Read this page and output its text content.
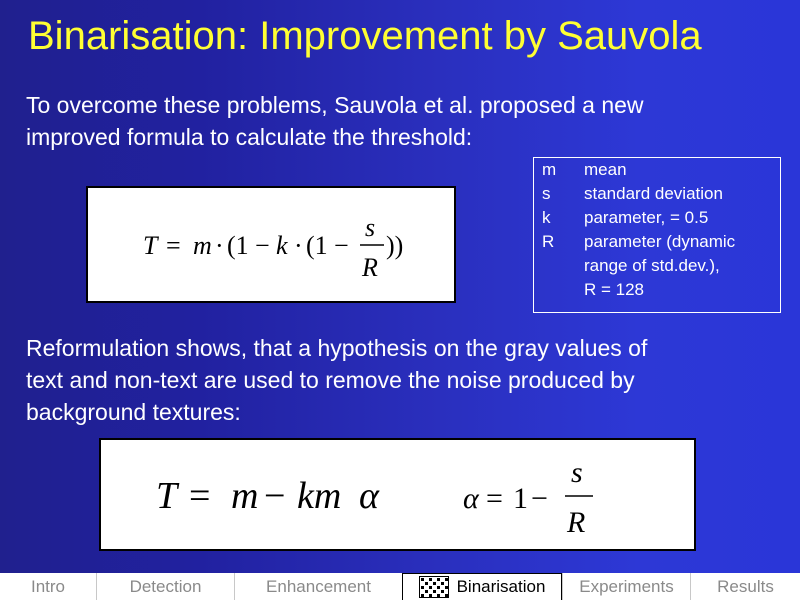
Binarisation: Improvement by Sauvola
To overcome these problems, Sauvola et al. proposed a new
improved formula to calculate the threshold:
T = m · (1 − k · (1 −
s
R
))
m	mean
s	standard deviation
k	parameter, = 0.5
R	parameter (dynamic
range of std.dev.),
R = 128
Reformulation shows, that a hypothesis on the gray values of
text and non-text are used to remove the noise produced by
background textures:
T = m − km α	α = 1 −
s
R
Intro	Detection	Enhancement	Binarisation Experiments	Results
